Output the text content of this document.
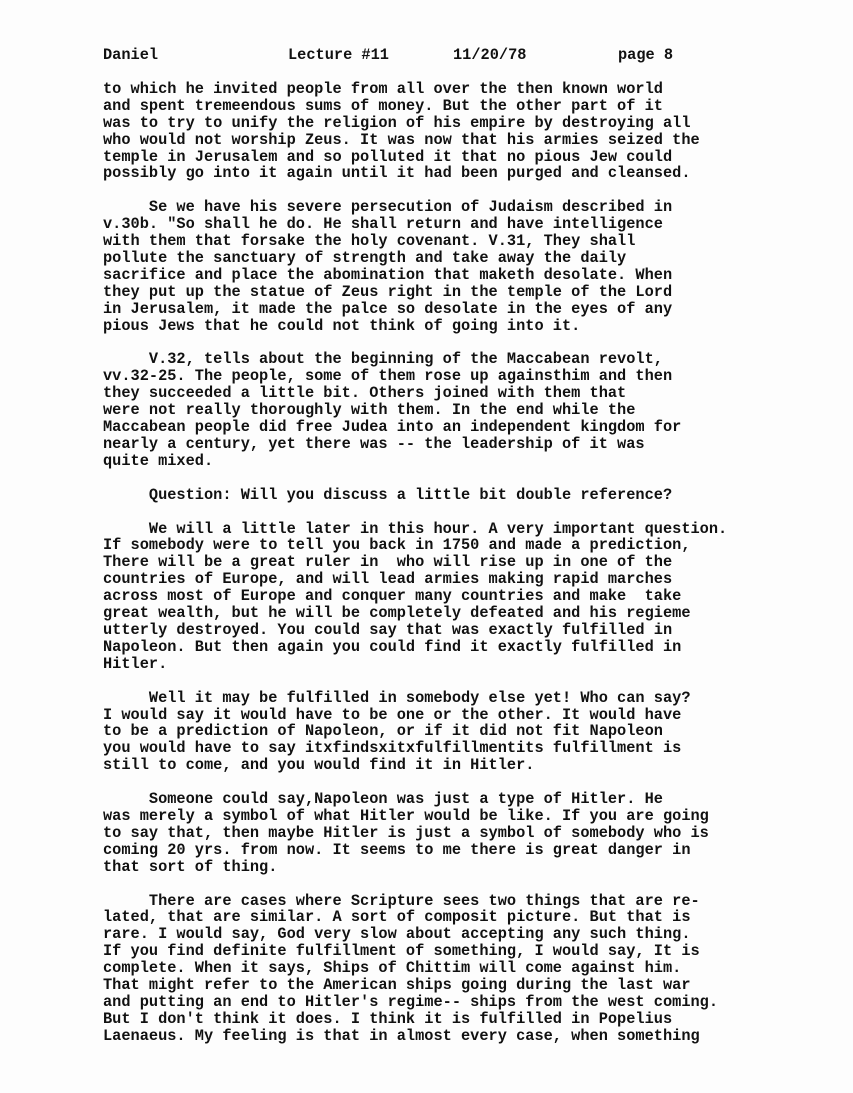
Daniel

	Lecture #11

	11/20/78

	page 8

to which he invited people from all over the then known world
and spent tremeendous sums of money. But the other part of it
was to try to unify the religion of his empire by destroying all
who would not worship Zeus. It was now that his armies seized the
temple in Jerusalem and so polluted it that no pious Jew could
possibly go into it again until it had been purged and cleansed.
Se we have his severe persecution of Judaism described in
v.30b. "So shall he do. He shall return and have intelligence
with them that forsake the holy covenant. V.31, They shall
pollute the sanctuary of strength and take away the daily
sacrifice and place the abomination that maketh desolate. When
they put up the statue of Zeus right in the temple of the Lord
in Jerusalem, it made the palce so desolate in the eyes of any
pious Jews that he could not think of going into it.
V.32, tells about the beginning of the Maccabean revolt,
vv.32-25. The people, some of them rose up againsthim and then
they succeeded a little bit. Others joined with them that
were not really thoroughly with them. In the end while the
Maccabean people did free Judea into an independent kingdom for
nearly a century, yet there was -- the leadership of it was
quite mixed.
Question: Will you discuss a little bit double reference?
We will a little later in this hour. A very important question.
If somebody were to tell you back in 1750 and made a prediction,
There will be a great ruler in  who will rise up in one of the
countries of Europe, and will lead armies making rapid marches
across most of Europe and conquer many countries and make  take
great wealth, but he will be completely defeated and his regieme
utterly destroyed. You could say that was exactly fulfilled in
Napoleon. But then again you could find it exactly fulfilled in
Hitler.
Well it may be fulfilled in somebody else yet! Who can say?
I would say it would have to be one or the other. It would have
to be a prediction of Napoleon, or if it did not fit Napoleon
you would have to say itxfindsxitxfulfillmentits fulfillment is
still to come, and you would find it in Hitler.
Someone could say,Napoleon was just a type of Hitler. He
was merely a symbol of what Hitler would be like. If you are going
to say that, then maybe Hitler is just a symbol of somebody who is
coming 20 yrs. from now. It seems to me there is great danger in
that sort of thing.
There are cases where Scripture sees two things that are re-
lated, that are similar. A sort of composit picture. But that is
rare. I would say, God very slow about accepting any such thing.
If you find definite fulfillment of something, I would say, It is
complete. When it says, Ships of Chittim will come against him.
That might refer to the American ships going during the last war
and putting an end to Hitler's regime-- ships from the west coming.
But I don't think it does. I think it is fulfilled in Popelius
Laenaeus. My feeling is that in almost every case, when something
